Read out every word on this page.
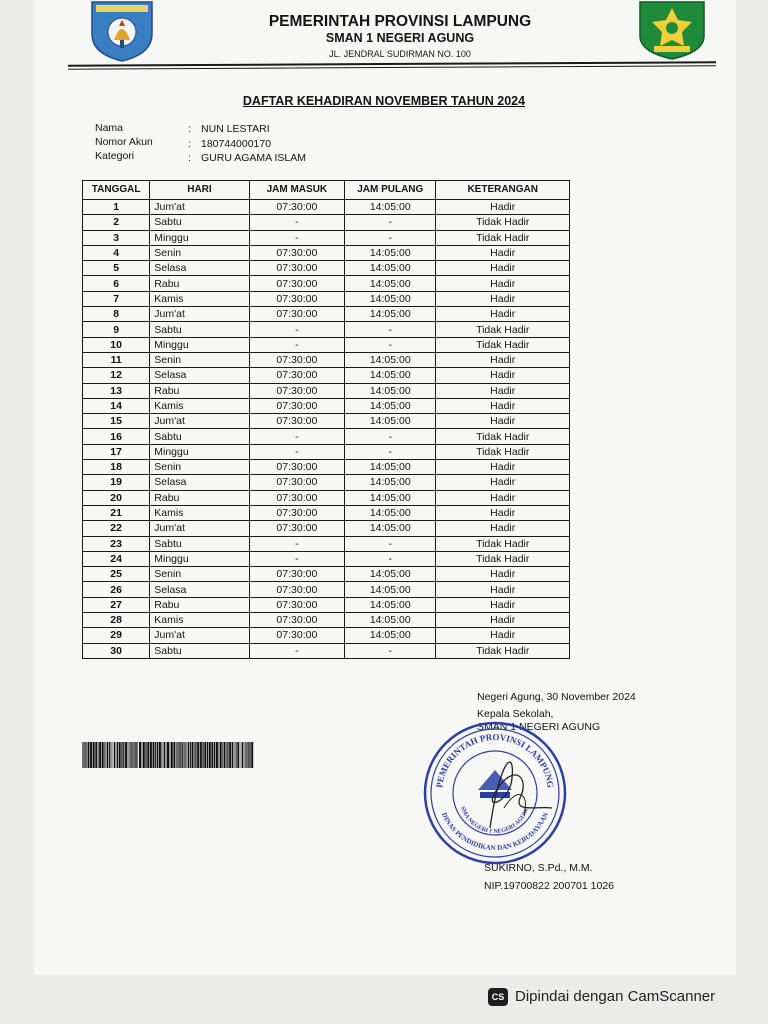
PEMERINTAH PROVINSI LAMPUNG
SMAN 1 NEGERI AGUNG
JL. JENDRAL SUDIRMAN NO. 100
DAFTAR KEHADIRAN NOVEMBER TAHUN 2024
Nama	: NUN LESTARI
Nomor Akun	: 180744000170
Kategori	: GURU AGAMA ISLAM
TANGGAL	HARI	JAM MASUK	JAM PULANG	KETERANGAN
1	Jum'at	07:30:00	14:05:00	Hadir
2	Sabtu	-	-	Tidak Hadir
3	Minggu	-	-	Tidak Hadir
4	Senin	07:30:00	14:05:00	Hadir
5	Selasa	07:30:00	14:05:00	Hadir
6	Rabu	07:30:00	14:05:00	Hadir
7	Kamis	07:30:00	14:05:00	Hadir
8	Jum'at	07:30:00	14:05:00	Hadir
9	Sabtu	-	-	Tidak Hadir
10	Minggu	-	-	Tidak Hadir
11	Senin	07:30:00	14:05:00	Hadir
12	Selasa	07:30:00	14:05:00	Hadir
13	Rabu	07:30:00	14:05:00	Hadir
14	Kamis	07:30:00	14:05:00	Hadir
15	Jum'at	07:30:00	14:05:00	Hadir
16	Sabtu	-	-	Tidak Hadir
17	Minggu	-	-	Tidak Hadir
18	Senin	07:30:00	14:05:00	Hadir
19	Selasa	07:30:00	14:05:00	Hadir
20	Rabu	07:30:00	14:05:00	Hadir
21	Kamis	07:30:00	14:05:00	Hadir
22	Jum'at	07:30:00	14:05:00	Hadir
23	Sabtu	-	-	Tidak Hadir
24	Minggu	-	-	Tidak Hadir
25	Senin	07:30:00	14:05:00	Hadir
26	Selasa	07:30:00	14:05:00	Hadir
27	Rabu	07:30:00	14:05:00	Hadir
28	Kamis	07:30:00	14:05:00	Hadir
29	Jum'at	07:30:00	14:05:00	Hadir
30	Sabtu	-	-	Tidak Hadir
Negeri Agung, 30 November 2024
Kepala Sekolah,
SMAN 1 NEGERI AGUNG
PEMERINTAH PROVINSI LAMPUNG
DINAS PENDIDIKAN DAN KEBUDAYAAN
SMA NEGERI 1 NEGERI AGUNG
SUKIRNO, S.Pd., M.M.
NIP.19700822 200701 1026
CS Dipindai dengan CamScanner
